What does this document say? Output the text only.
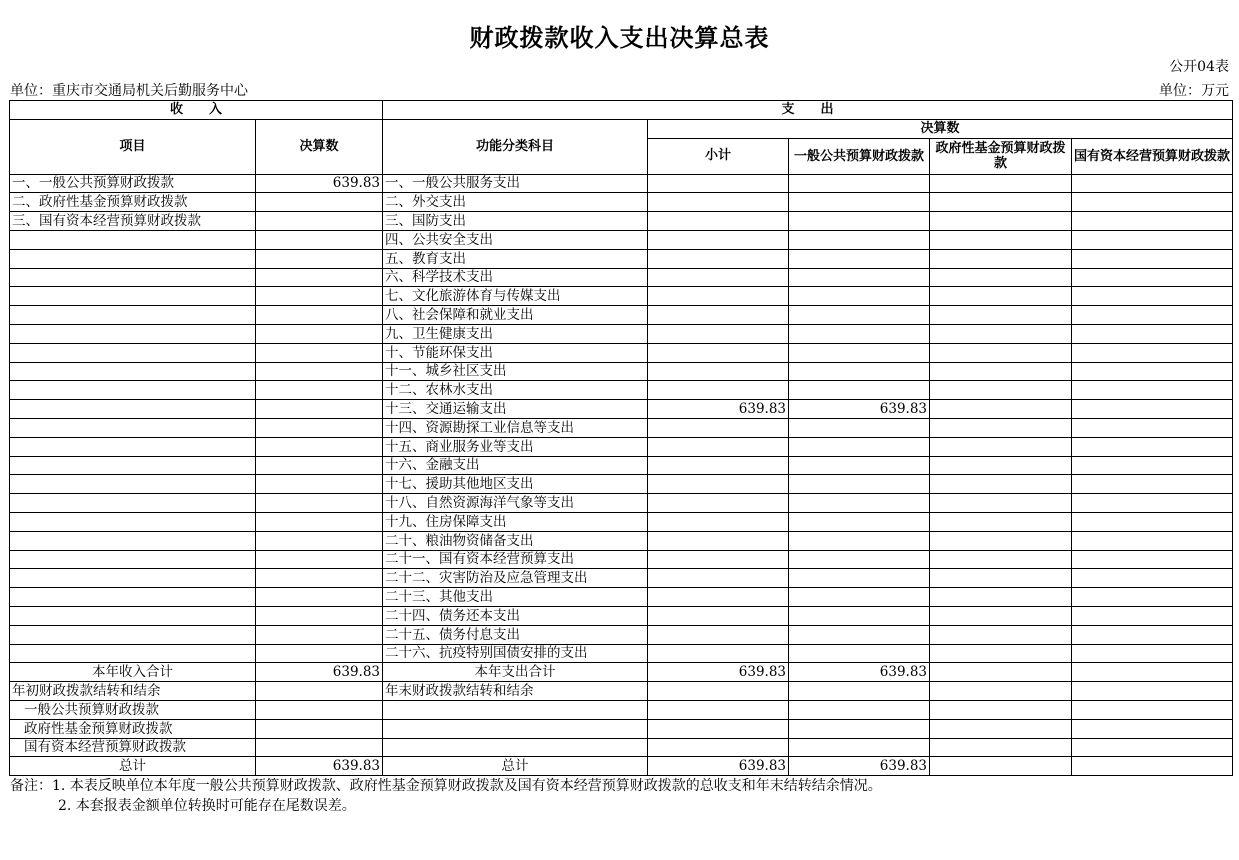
财政拨款收入支出决算总表
公开04表
单位：重庆市交通局机关后勤服务中心	单位：万元
收　　入		支　　出				
项目	决算数	功能分类科目	决算数			
			小计	一般公共预算财政拨款	政府性基金预算财政拨款	国有资本经营预算财政拨款
一、一般公共预算财政拨款	639.83	一、一般公共服务支出				
二、政府性基金预算财政拨款		二、外交支出				
三、国有资本经营预算财政拨款		三、国防支出				
		四、公共安全支出				
		五、教育支出				
		六、科学技术支出				
		七、文化旅游体育与传媒支出				
		八、社会保障和就业支出				
		九、卫生健康支出				
		十、节能环保支出				
		十一、城乡社区支出				
		十二、农林水支出				
		十三、交通运输支出	639.83	639.83		
		十四、资源勘探工业信息等支出				
		十五、商业服务业等支出				
		十六、金融支出				
		十七、援助其他地区支出				
		十八、自然资源海洋气象等支出				
		十九、住房保障支出				
		二十、粮油物资储备支出				
		二十一、国有资本经营预算支出				
		二十二、灾害防治及应急管理支出				
		二十三、其他支出				
		二十四、债务还本支出				
		二十五、债务付息支出				
		二十六、抗疫特别国债安排的支出				
本年收入合计	639.83	本年支出合计	639.83	639.83		
年初财政拨款结转和结余		年末财政拨款结转和结余				
一般公共预算财政拨款						
政府性基金预算财政拨款						
国有资本经营预算财政拨款						
总计	639.83	总计	639.83	639.83		
备注：1. 本表反映单位本年度一般公共预算财政拨款、政府性基金预算财政拨款及国有资本经营预算财政拨款的总收支和年末结转结余情况。
2. 本套报表金额单位转换时可能存在尾数误差。
